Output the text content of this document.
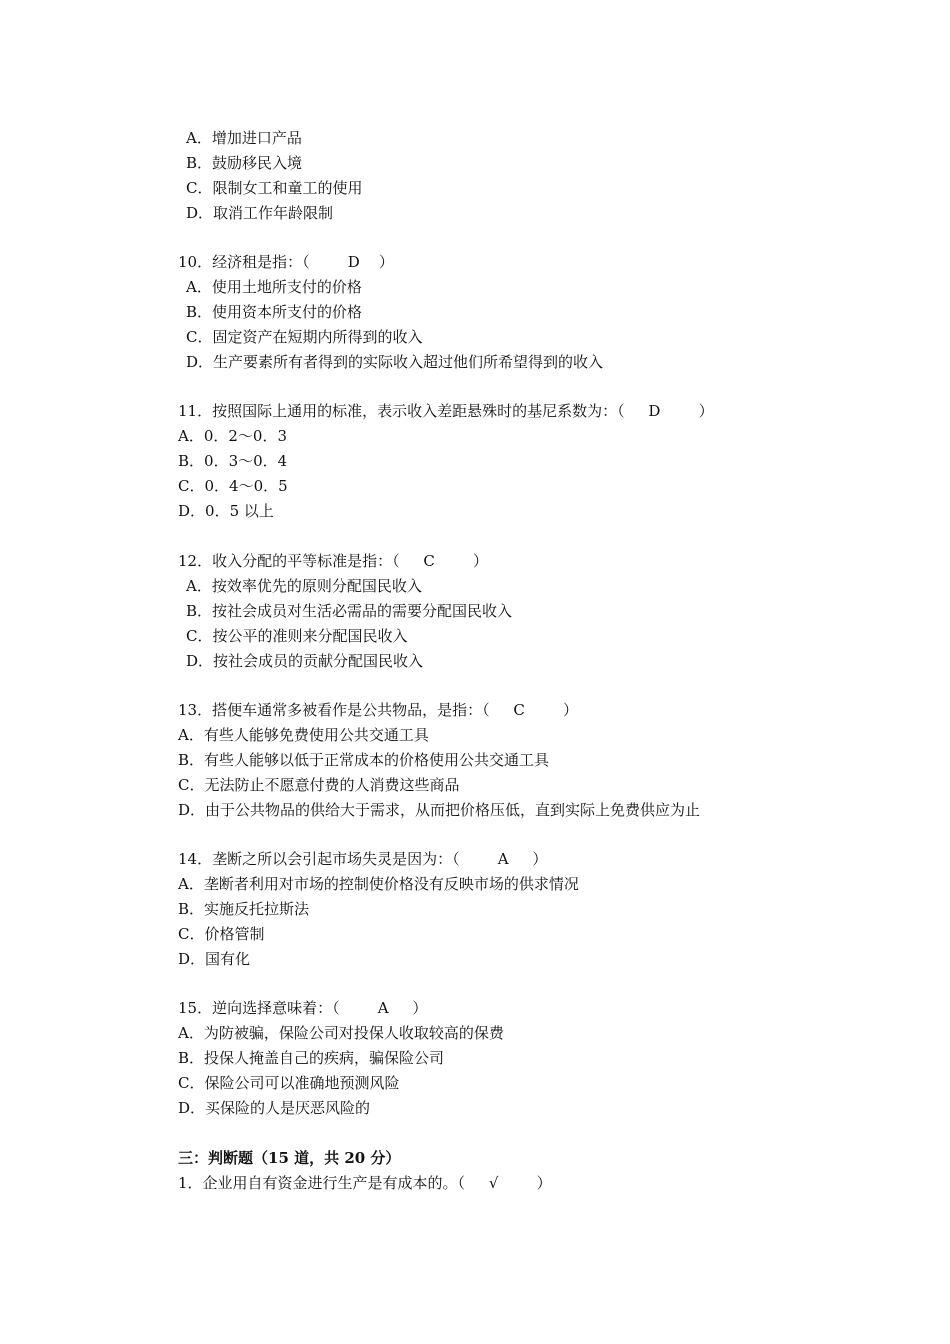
A．增加进口产品
B．鼓励移民入境
C．限制女工和童工的使用
D．取消工作年龄限制
10．经济租是指：（        D    ）
A．使用土地所支付的价格
B．使用资本所支付的价格
C．固定资产在短期内所得到的收入
D．生产要素所有者得到的实际收入超过他们所希望得到的收入
11．按照国际上通用的标准，表示收入差距悬殊时的基尼系数为：（     D        ）
A．0．2～0．3
B．0．3～0．4
C．0．4～0．5
D．0．5 以上
12．收入分配的平等标准是指：（     C        ）
A．按效率优先的原则分配国民收入
B．按社会成员对生活必需品的需要分配国民收入
C．按公平的准则来分配国民收入
D．按社会成员的贡献分配国民收入
13．搭便车通常多被看作是公共物品，是指：（     C        ）
A．有些人能够免费使用公共交通工具
B．有些人能够以低于正常成本的价格使用公共交通工具
C．无法防止不愿意付费的人消费这些商品
D．由于公共物品的供给大于需求，从而把价格压低，直到实际上免费供应为止
14．垄断之所以会引起市场失灵是因为：（        A     ）
A．垄断者利用对市场的控制使价格没有反映市场的供求情况
B．实施反托拉斯法
C．价格管制
D．国有化
15．逆向选择意味着：（        A     ）
A．为防被骗，保险公司对投保人收取较高的保费
B．投保人掩盖自己的疾病，骗保险公司
C．保险公司可以准确地预测风险
D．买保险的人是厌恶风险的
三：判断题（15 道，共 20 分）
1．企业用自有资金进行生产是有成本的。（     √        ）
